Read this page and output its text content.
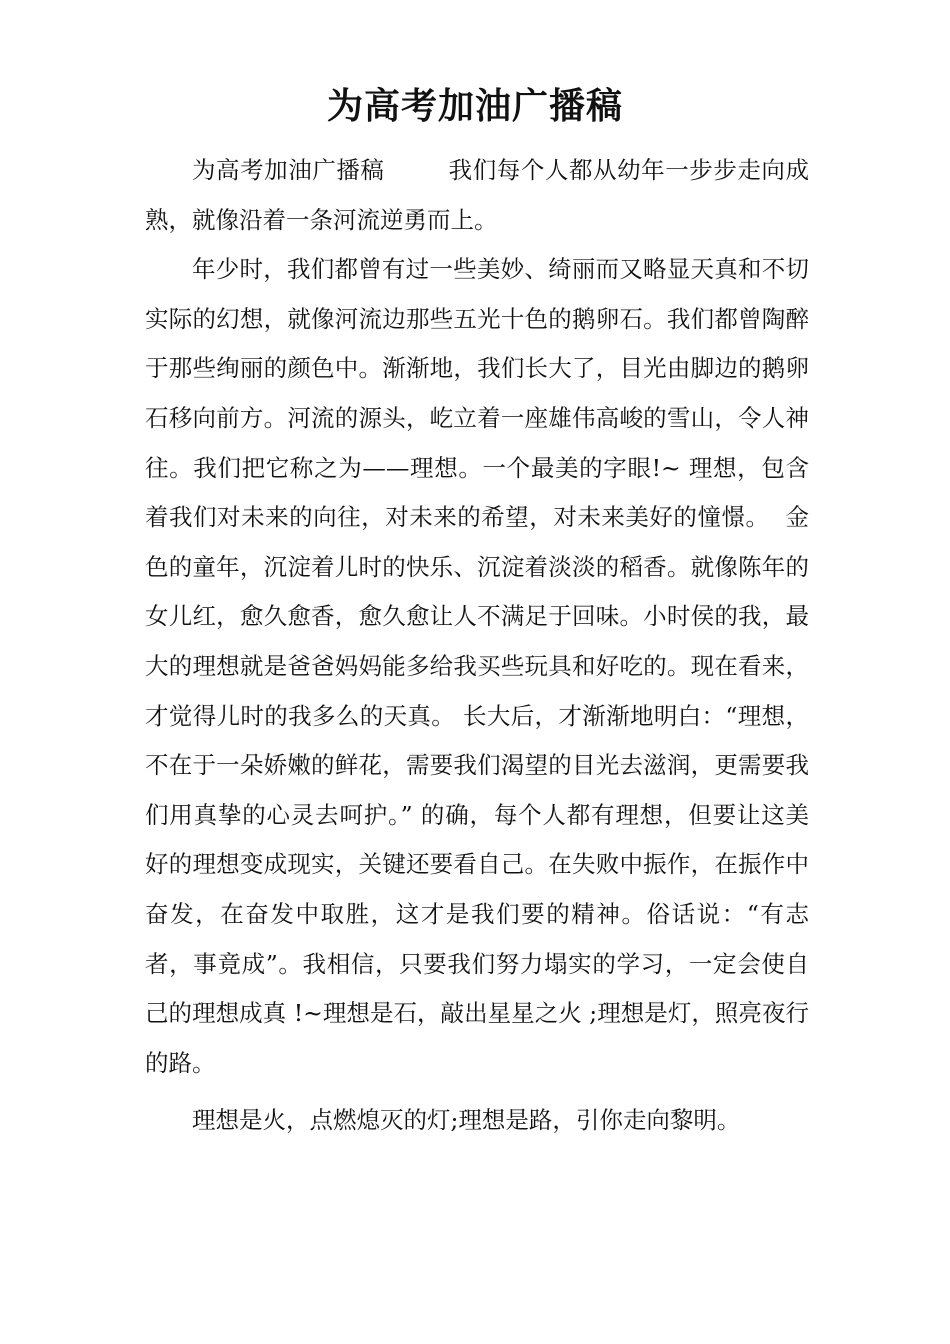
为高考加油广播稿

为高考加油广播稿        我们每个人都从幼年一步步走向成熟，就像沿着一条河流逆勇而上。

年少时，我们都曾有过一些美妙、绮丽而又略显天真和不切实际的幻想，就像河流边那些五光十色的鹅卵石。我们都曾陶醉于那些绚丽的颜色中。渐渐地，我们长大了，目光由脚边的鹅卵石移向前方。河流的源头，屹立着一座雄伟高峻的雪山，令人神往。我们把它称之为——理想。一个最美的字眼!~ 理想，包含着我们对未来的向往，对未来的希望，对未来美好的憧憬。  金色的童年，沉淀着儿时的快乐、沉淀着淡淡的稻香。就像陈年的女儿红，愈久愈香，愈久愈让人不满足于回味。小时侯的我，最大的理想就是爸爸妈妈能多给我买些玩具和好吃的。现在看来，才觉得儿时的我多么的天真。 长大后，才渐渐地明白：“理想，不在于一朵娇嫩的鲜花，需要我们渴望的目光去滋润，更需要我们用真挚的心灵去呵护。” 的确，每个人都有理想，但要让这美好的理想变成现实，关键还要看自己。在失败中振作，在振作中奋发，在奋发中取胜，这才是我们要的精神。俗话说：“有志者，事竟成”。我相信，只要我们努力塌实的学习，一定会使自己的理想成真 !~理想是石，敲出星星之火 ;理想是灯，照亮夜行的路。

理想是火，点燃熄灭的灯;理想是路，引你走向黎明。
